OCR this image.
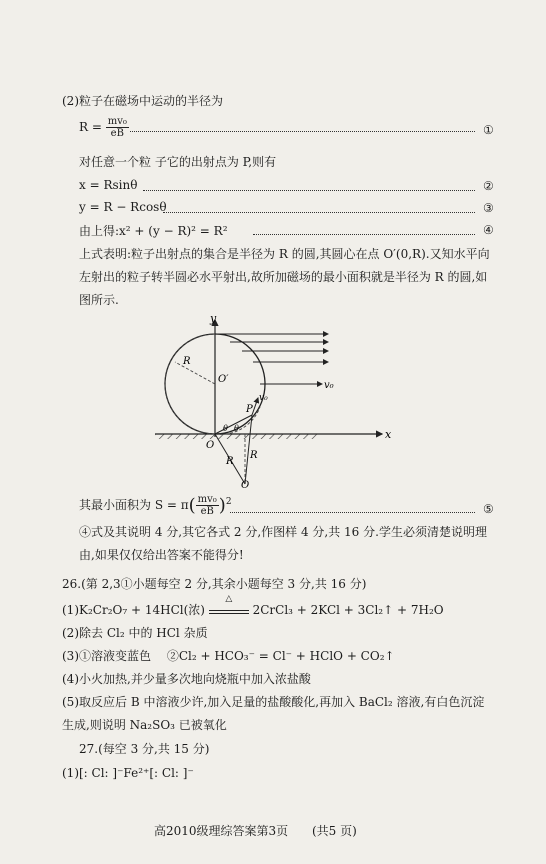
(2)粒子在磁场中运动的半径为
$R = \frac{\text{mv₀}}{eB}$	①
对任意一个粒 子它的出射点为 P,则有
x = Rsinθ	②
y = R − Rcosθ	③
由上得:x² + (y − R)² = R²	④
上式表明:粒子出射点的集合是半径为 R 的圆,其圆心在点 O′(0,R).又知水平向左射出的粒子转半圆必水平射出,故所加磁场的最小面积就是半径为 R 的圆,如图所示.
y
x
R
O′
v₀
P
v₀
O
θ θ
R
R
O
其最小面积为 $S = \pi( \frac{\text{mv₀}}{eB} )^2$	⑤
④式及其说明 4 分,其它各式 2 分,作图样 4 分,共 16 分.学生必须清楚说明理由,如果仅仅给出答案不能得分!
26.(第 2,3①小题每空 2 分,其余小题每空 3 分,共 16 分)
(1)K₂Cr₂O₇ + 14HCl(浓)
△
2CrCl₃ + 2KCl + 3Cl₂↑ + 7H₂O
(2)除去 Cl₂ 中的 HCl 杂质
(3)①溶液变蓝色　 ②Cl₂ + HCO₃⁻ = Cl⁻ + HClO + CO₂↑
(4)小火加热,并少量多次地向烧瓶中加入浓盐酸
(5)取反应后 B 中溶液少许,加入足量的盐酸酸化,再加入 BaCl₂ 溶液,有白色沉淀
生成,则说明 Na₂SO₃ 已被氧化
27.(每空 3 分,共 15 分)
(1)[: Cl: ]⁻Fe²⁺[: Cl: ]⁻
高2010级理综答案第3页 (共5 页)
